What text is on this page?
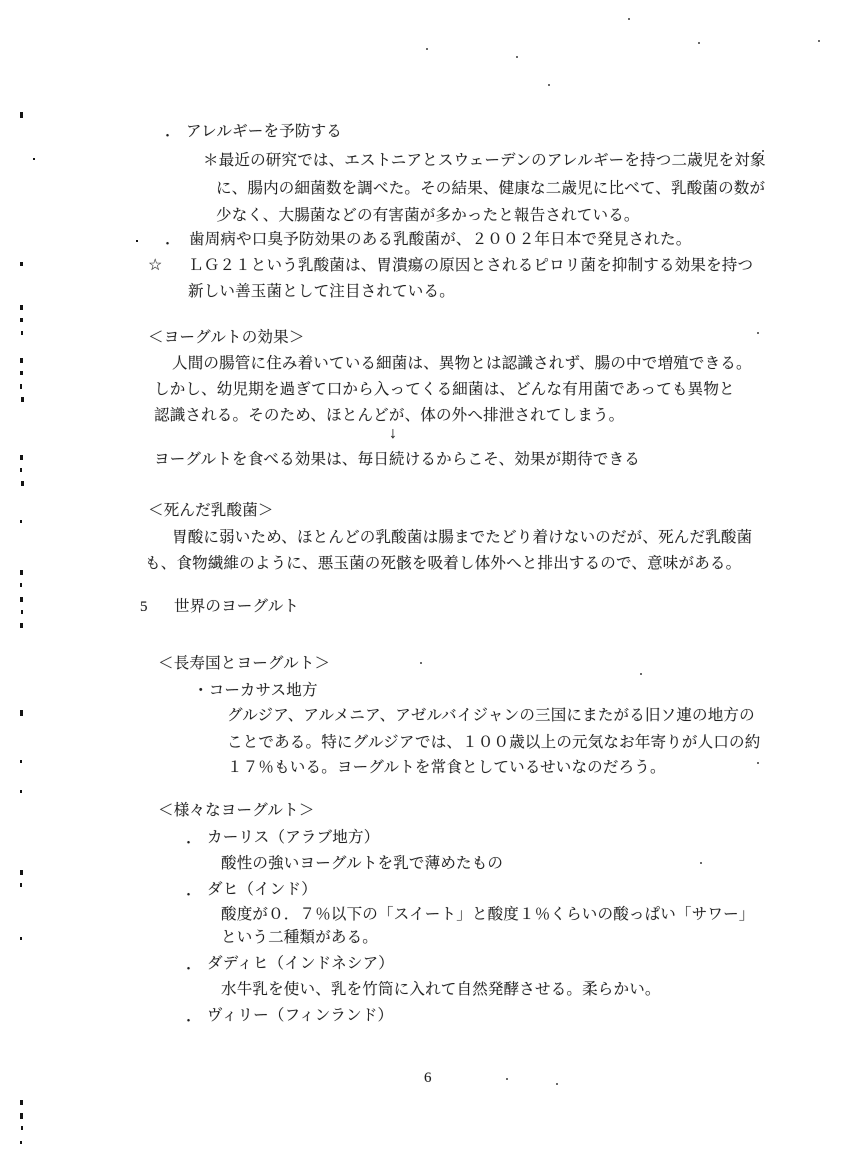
・ アレルギーを予防する
＊最近の研究では、エストニアとスウェーデンのアレルギーを持つ二歳児を対象
に、腸内の細菌数を調べた。その結果、健康な二歳児に比べて、乳酸菌の数が
少なく、大腸菌などの有害菌が多かったと報告されている。
・ 歯周病や口臭予防効果のある乳酸菌が、２００２年日本で発見された。
☆ ＬＧ２１という乳酸菌は、胃潰瘍の原因とされるピロリ菌を抑制する効果を持つ
新しい善玉菌として注目されている。
＜ヨーグルトの効果＞
人間の腸管に住み着いている細菌は、異物とは認識されず、腸の中で増殖できる。
しかし、幼児期を過ぎて口から入ってくる細菌は、どんな有用菌であっても異物と
認識される。そのため、ほとんどが、体の外へ排泄されてしまう。
↓
ヨーグルトを食べる効果は、毎日続けるからこそ、効果が期待できる
＜死んだ乳酸菌＞
胃酸に弱いため、ほとんどの乳酸菌は腸までたどり着けないのだが、死んだ乳酸菌
も、食物繊維のように、悪玉菌の死骸を吸着し体外へと排出するので、意味がある。
5 世界のヨーグルト
＜長寿国とヨーグルト＞
・コーカサス地方
グルジア、アルメニア、アゼルバイジャンの三国にまたがる旧ソ連の地方の
ことである。特にグルジアでは、１００歳以上の元気なお年寄りが人口の約
１７％もいる。ヨーグルトを常食としているせいなのだろう。
＜様々なヨーグルト＞
・ カーリス（アラブ地方）
酸性の強いヨーグルトを乳で薄めたもの
・ ダヒ（インド）
酸度が０．７％以下の「スイート」と酸度１％くらいの酸っぱい「サワー」
という二種類がある。
・ ダディヒ（インドネシア）
水牛乳を使い、乳を竹筒に入れて自然発酵させる。柔らかい。
・ ヴィリー（フィンランド）
6
